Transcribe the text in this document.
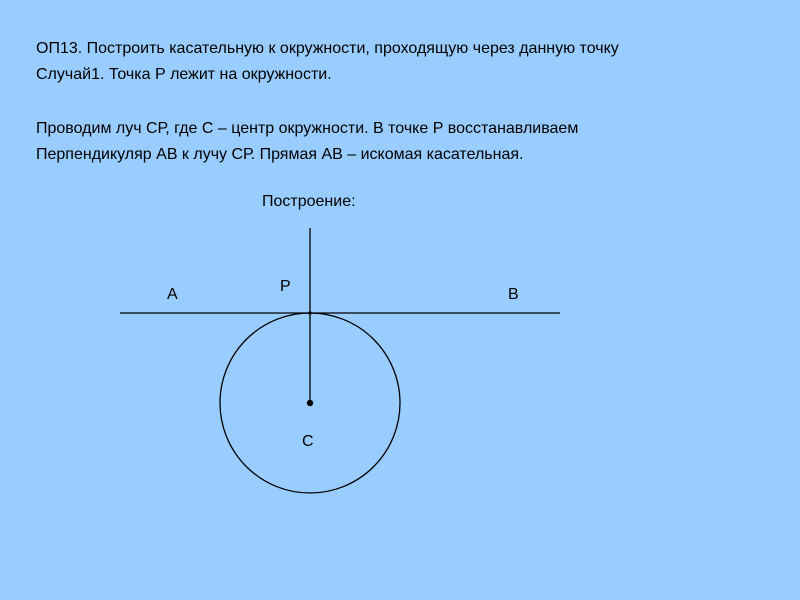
ОП13. Построить касательную к окружности, проходящую через данную точку
Случай1. Точка Р лежит на окружности.
Проводим луч СР, где С – центр окружности. В точке Р восстанавливаем
Перпендикуляр АВ к лучу СР. Прямая АВ – искомая касательная.
Построение:
А	Р	В
С
